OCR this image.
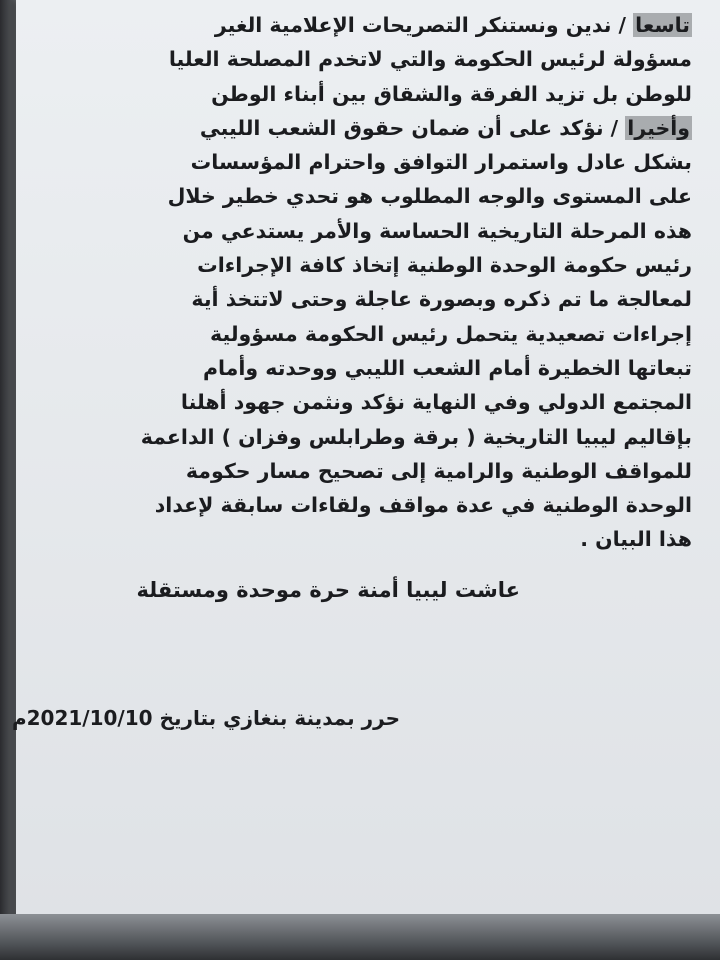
تاسعا / ندين ونستنكر التصريحات الإعلامية الغير
مسؤولة لرئيس الحكومة والتي لاتخدم المصلحة العليا
للوطن بل تزيد الفرقة والشقاق بين أبناء الوطن
وأخيرا / نؤكد على أن ضمان حقوق الشعب الليبي
بشكل عادل واستمرار التوافق واحترام المؤسسات
على المستوى والوجه المطلوب هو تحدي خطير خلال
هذه المرحلة التاريخية الحساسة والأمر يستدعي من
رئيس حكومة الوحدة الوطنية إتخاذ كافة الإجراءات
لمعالجة ما تم ذكره وبصورة عاجلة وحتى لاتتخذ أية
إجراءات تصعيدية يتحمل رئيس الحكومة مسؤولية
تبعاتها الخطيرة أمام الشعب الليبي ووحدته وأمام
المجتمع الدولي وفي النهاية نؤكد ونثمن جهود أهلنا
بإقاليم ليبيا التاريخية ( برقة وطرابلس وفزان ) الداعمة
للمواقف الوطنية والرامية إلى تصحيح مسار حكومة
الوحدة الوطنية في عدة مواقف ولقاءات سابقة لإعداد
هذا البيان .
عاشت ليبيا أمنة حرة موحدة ومستقلة
حرر بمدينة بنغازي بتاريخ 2021/10/10م
